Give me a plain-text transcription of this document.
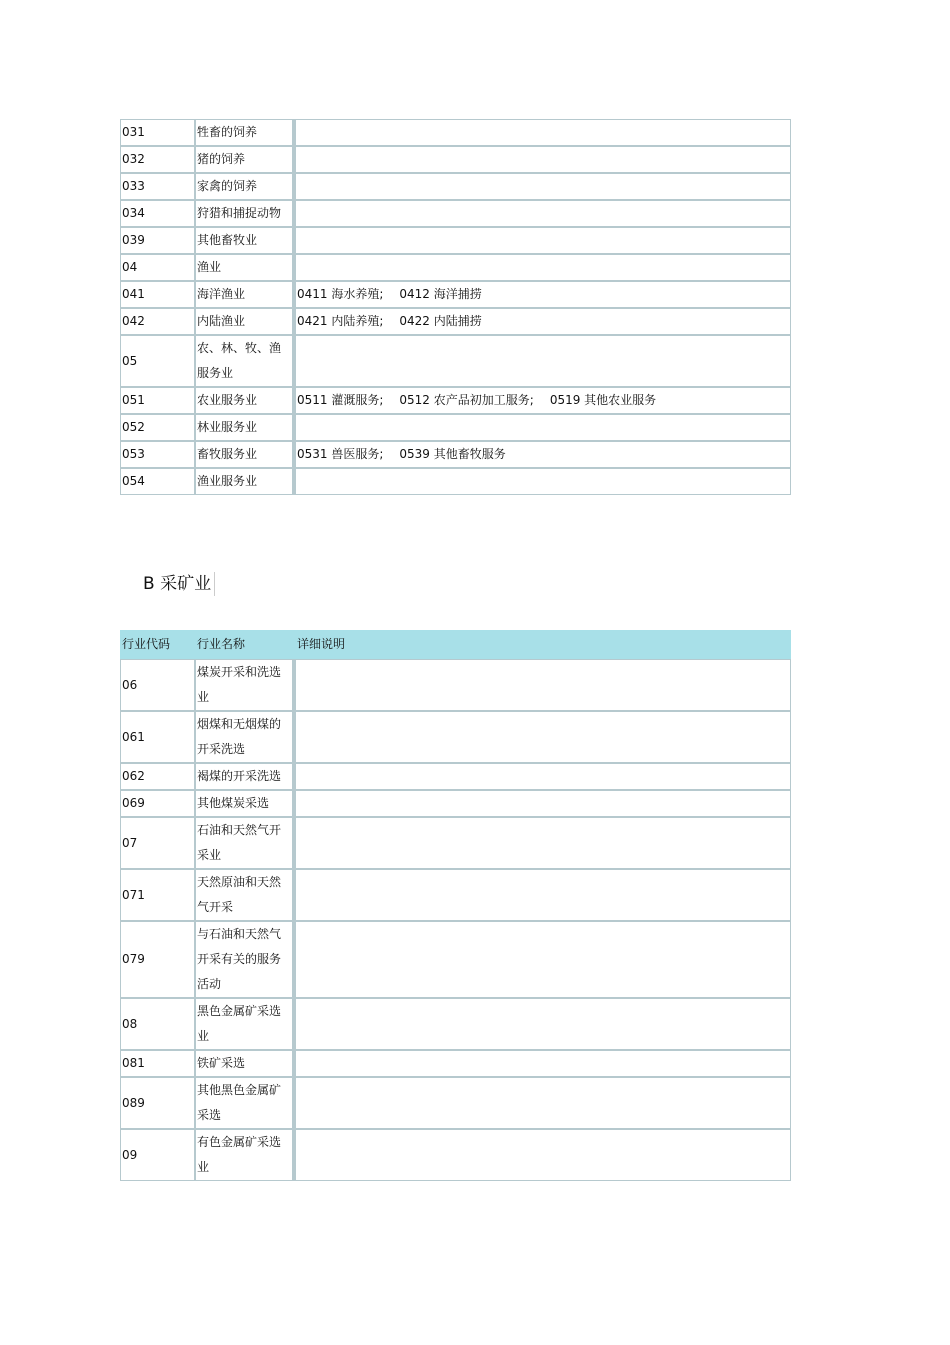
031	牲畜的饲养	
032	猪的饲养	
033	家禽的饲养	
034	狩猎和捕捉动物	
039	其他畜牧业	
04	渔业	
041	海洋渔业	0411 海水养殖; 0412 海洋捕捞
042	内陆渔业	0421 内陆养殖; 0422 内陆捕捞
05	农、林、牧、渔服务业	
051	农业服务业	0511 灌溉服务; 0512 农产品初加工服务; 0519 其他农业服务
052	林业服务业	
053	畜牧服务业	0531 兽医服务; 0539 其他畜牧服务
054	渔业服务业	
B 采矿业
行业代码	行业名称	详细说明
06	煤炭开采和洗选业	
061	烟煤和无烟煤的开采洗选	
062	褐煤的开采洗选	
069	其他煤炭采选	
07	石油和天然气开采业	
071	天然原油和天然气开采	
079	与石油和天然气开采有关的服务活动	
08	黑色金属矿采选业	
081	铁矿采选	
089	其他黑色金属矿采选	
09	有色金属矿采选业	
